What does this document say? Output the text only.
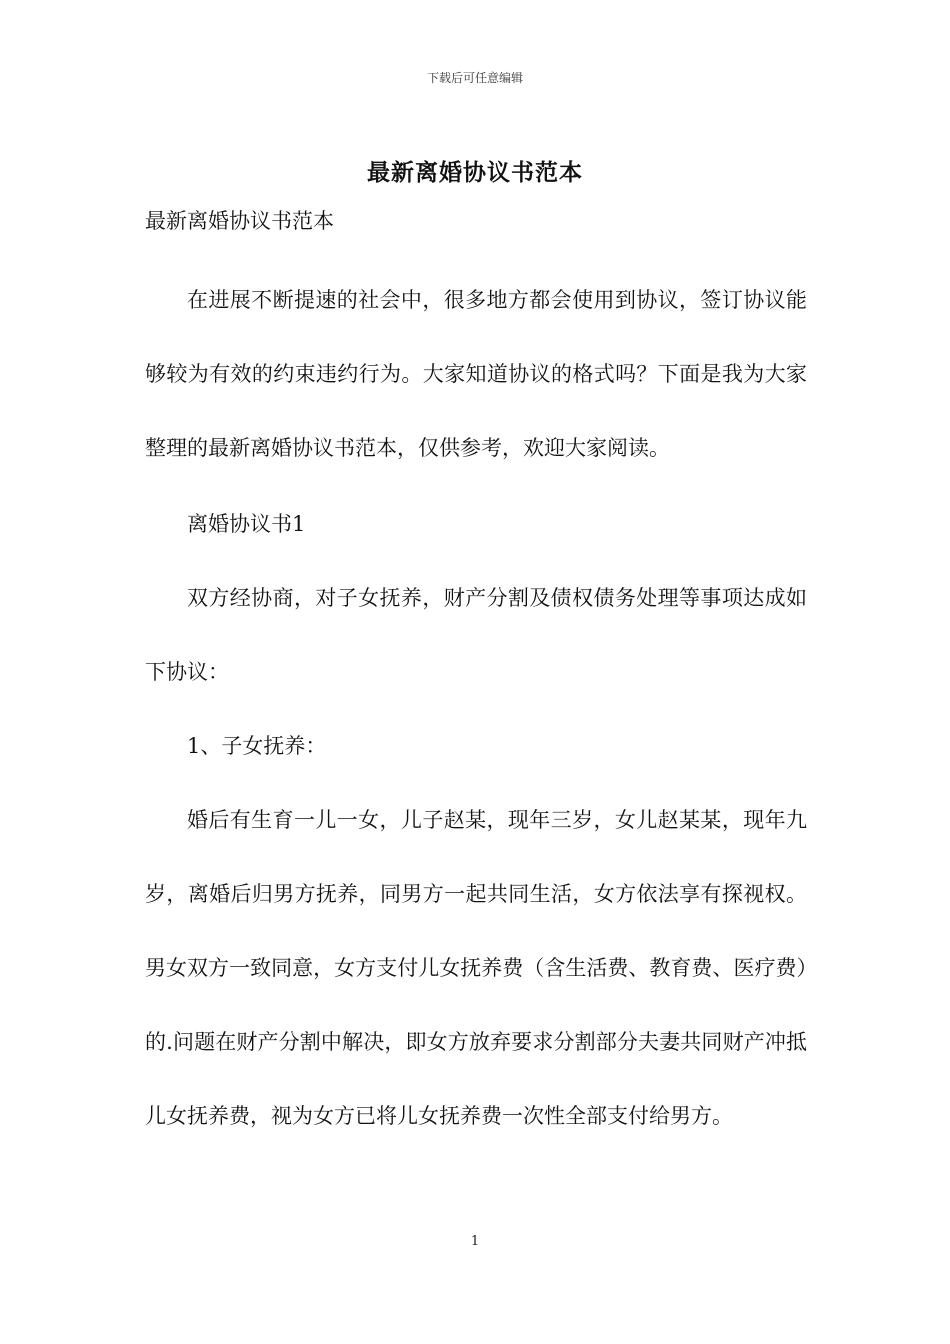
下载后可任意编辑
最新离婚协议书范本
最新离婚协议书范本
在进展不断提速的社会中，很多地方都会使用到协议，签订协议能够较为有效的约束违约行为。大家知道协议的格式吗？下面是我为大家整理的最新离婚协议书范本，仅供参考，欢迎大家阅读。
离婚协议书1
双方经协商，对子女抚养，财产分割及债权债务处理等事项达成如下协议：
1、子女抚养：
婚后有生育一儿一女，儿子赵某，现年三岁，女儿赵某某，现年九岁，离婚后归男方抚养，同男方一起共同生活，女方依法享有探视权。男女双方一致同意，女方支付儿女抚养费（含生活费、教育费、医疗费）的.问题在财产分割中解决，即女方放弃要求分割部分夫妻共同财产冲抵儿女抚养费，视为女方已将儿女抚养费一次性全部支付给男方。
1
